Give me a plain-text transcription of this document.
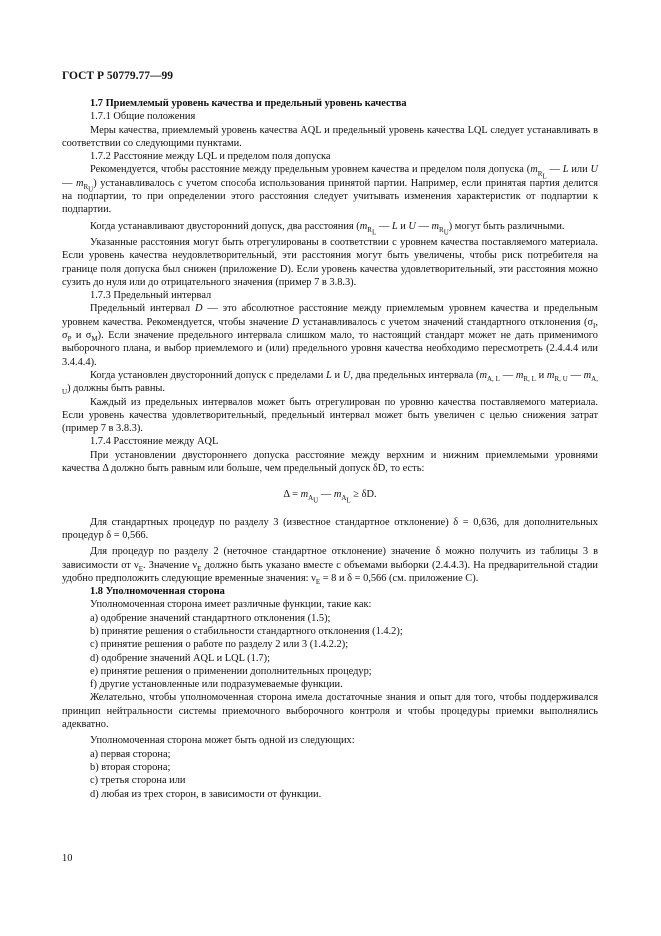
ГОСТ Р 50779.77—99

1.7 Приемлемый уровень качества и предельный уровень качества

1.7.1 Общие положения

Меры качества, приемлемый уровень качества AQL и предельный уровень качества LQL следует устанавливать в соответствии со следующими пунктами.

1.7.2 Расстояние между LQL и пределом поля допуска

Рекомендуется, чтобы расстояние между предельным уровнем качества и пределом поля допуска ($m_{R_L}$ — L или U — $m_{R_U}$) устанавливалось с учетом способа использования принятой партии. Например, если принятая партия делится на подпартии, то при определении этого расстояния следует учитывать изменения характеристик от подпартии к подпартии.

Когда устанавливают двусторонний допуск, два расстояния ($m_{R_L}$ — L и U — $m_{R_U}$) могут быть различными.

Указанные расстояния могут быть отрегулированы в соответствии с уровнем качества поставляемого материала. Если уровень качества неудовлетворительный, эти расстояния могут быть увеличены, чтобы риск потребителя на границе поля допуска был снижен (приложение D). Если уровень качества удовлетворительный, эти расстояния можно сузить до нуля или до отрицательного значения (пример 7 в 3.8.3).

1.7.3 Предельный интервал

Предельный интервал D — это абсолютное расстояние между приемлемым уровнем качества и предельным уровнем качества. Рекомендуется, чтобы значение D устанавливалось с учетом значений стандартного отклонения ($\sigma_I$, $\sigma_P$ и $\sigma_M$). Если значение предельного интервала слишком мало, то настоящий стандарт может не дать применимого выборочного плана, и выбор приемлемого и (или) предельного уровня качества необходимо пересмотреть (2.4.4.4 или 3.4.4.4).

Когда установлен двусторонний допуск с пределами L и U, два предельных интервала ($m_{A, L}$ — $m_{R, L}$ и $m_{R, U}$ — $m_{A, U}$) должны быть равны.

Каждый из предельных интервалов может быть отрегулирован по уровню качества поставляемого материала. Если уровень качества удовлетворительный, предельный интервал может быть увеличен с целью снижения затрат (пример 7 в 3.8.3).

1.7.4 Расстояние между AQL

При установлении двустороннего допуска расстояние между верхним и нижним приемлемыми уровнями качества Δ должно быть равным или больше, чем предельный допуск δD, то есть:

$\Delta = m_{A_U}$ — $m_{A_L} \ge \delta D$.

Для стандартных процедур по разделу 3 (известное стандартное отклонение) δ = 0,636, для дополнительных процедур δ = 0,566.

Для процедур по разделу 2 (неточное стандартное отклонение) значение δ можно получить из таблицы 3 в зависимости от $\nu_E$. Значение $\nu_E$ должно быть указано вместе с объемами выборки (2.4.4.3). На предварительной стадии удобно предположить следующие временные значения: $\nu_E = 8$ и δ = 0,566 (см. приложение С).

1.8 Уполномоченная сторона

Уполномоченная сторона имеет различные функции, такие как:

a) одобрение значений стандартного отклонения (1.5);

b) принятие решения о стабильности стандартного отклонения (1.4.2);

c) принятие решения о работе по разделу 2 или 3 (1.4.2.2);

d) одобрение значений AQL и LQL (1.7);

e) принятие решения о применении дополнительных процедур;

f) другие установленные или подразумеваемые функции.

Желательно, чтобы уполномоченная сторона имела достаточные знания и опыт для того, чтобы поддерживался принцип нейтральности системы приемочного выборочного контроля и чтобы процедуры приемки выполнялись адекватно.

Уполномоченная сторона может быть одной из следующих:

a) первая сторона;

b) вторая сторона;

c) третья сторона или

d) любая из трех сторон, в зависимости от функции.

10
